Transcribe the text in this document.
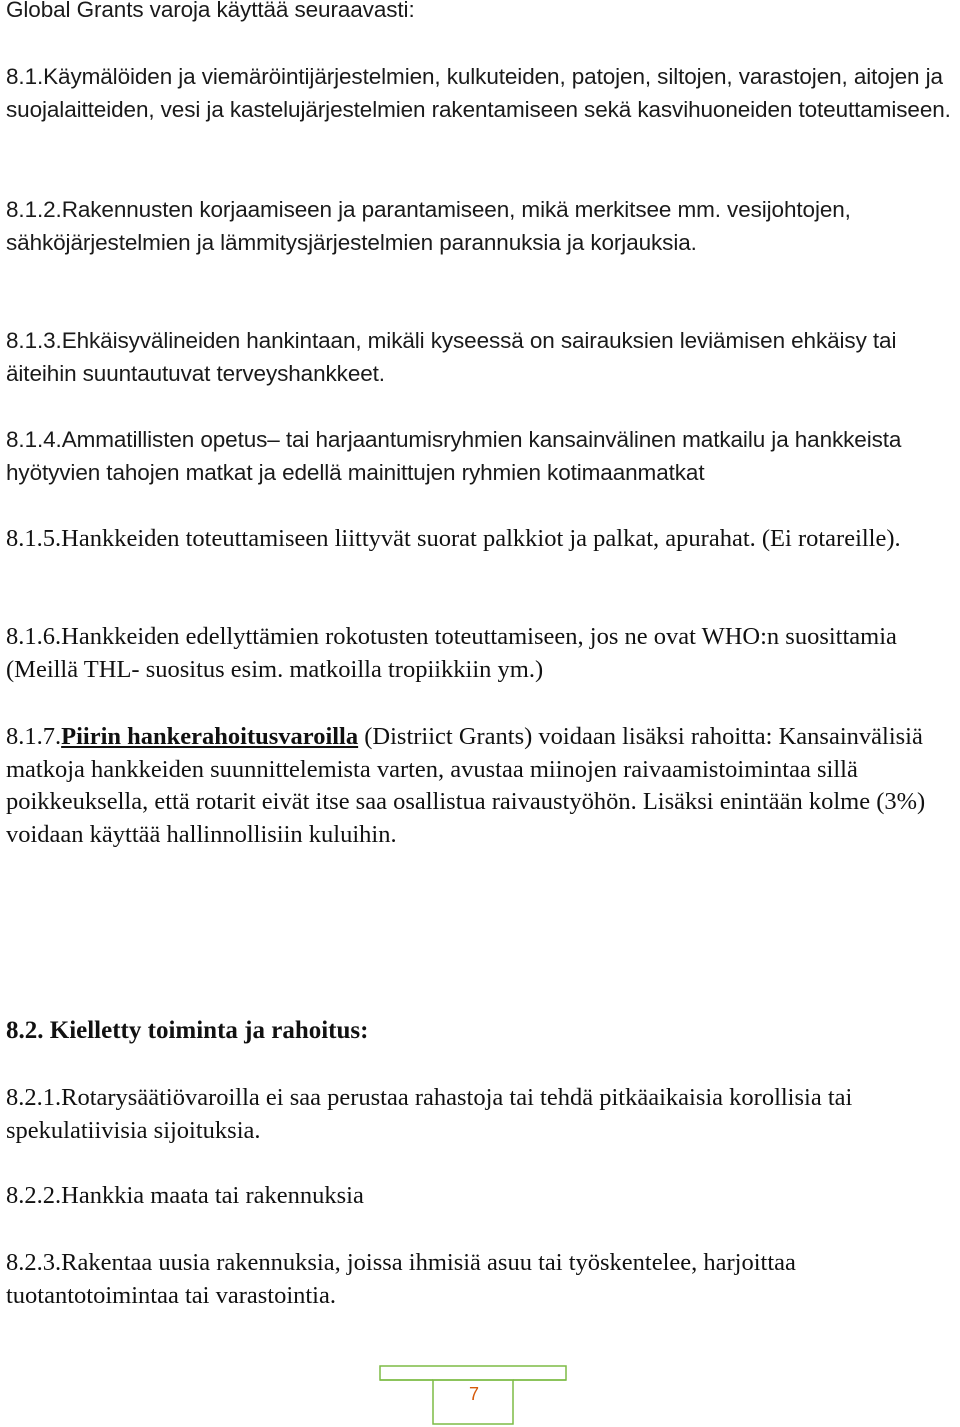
Global Grants varoja käyttää seuraavasti:

8.1.Käymälöiden ja viemäröintijärjestelmien, kulkuteiden, patojen, siltojen, varastojen, aitojen ja suojalaitteiden, vesi ja kastelujärjestelmien rakentamiseen sekä kasvihuoneiden toteuttamiseen.

8.1.2.Rakennusten korjaamiseen ja parantamiseen, mikä merkitsee mm. vesijohtojen, sähköjärjestelmien ja lämmitysjärjestelmien parannuksia ja korjauksia.

8.1.3.Ehkäisyvälineiden hankintaan, mikäli kyseessä on sairauksien leviämisen ehkäisy tai äiteihin suuntautuvat terveyshankkeet.

8.1.4.Ammatillisten opetus– tai harjaantumisryhmien kansainvälinen matkailu ja hankkeista hyötyvien tahojen matkat ja edellä mainittujen ryhmien kotimaanmatkat

8.1.5.Hankkeiden toteuttamiseen liittyvät suorat palkkiot ja palkat, apurahat. (Ei rotareille).

8.1.6.Hankkeiden edellyttämien rokotusten toteuttamiseen, jos ne ovat WHO:n suosittamia (Meillä THL- suositus esim. matkoilla tropiikkiin ym.)

8.1.7.Piirin hankerahoitusvaroilla (Distriict Grants) voidaan lisäksi rahoitta: Kansainvälisiä matkoja hankkeiden suunnittelemista varten, avustaa miinojen raivaamistoimintaa sillä poikkeuksella, että rotarit eivät itse saa osallistua raivaustyöhön. Lisäksi enintään kolme (3%) voidaan käyttää hallinnollisiin kuluihin.

8.2. Kielletty toiminta ja rahoitus:

8.2.1.Rotarysäätiövaroilla ei saa perustaa rahastoja tai tehdä pitkäaikaisia korollisia tai spekulatiivisia sijoituksia.

8.2.2.Hankkia maata tai rakennuksia

8.2.3.Rakentaa uusia rakennuksia, joissa ihmisiä asuu tai työskentelee, harjoittaa tuotantotoimintaa tai varastointia.

7
